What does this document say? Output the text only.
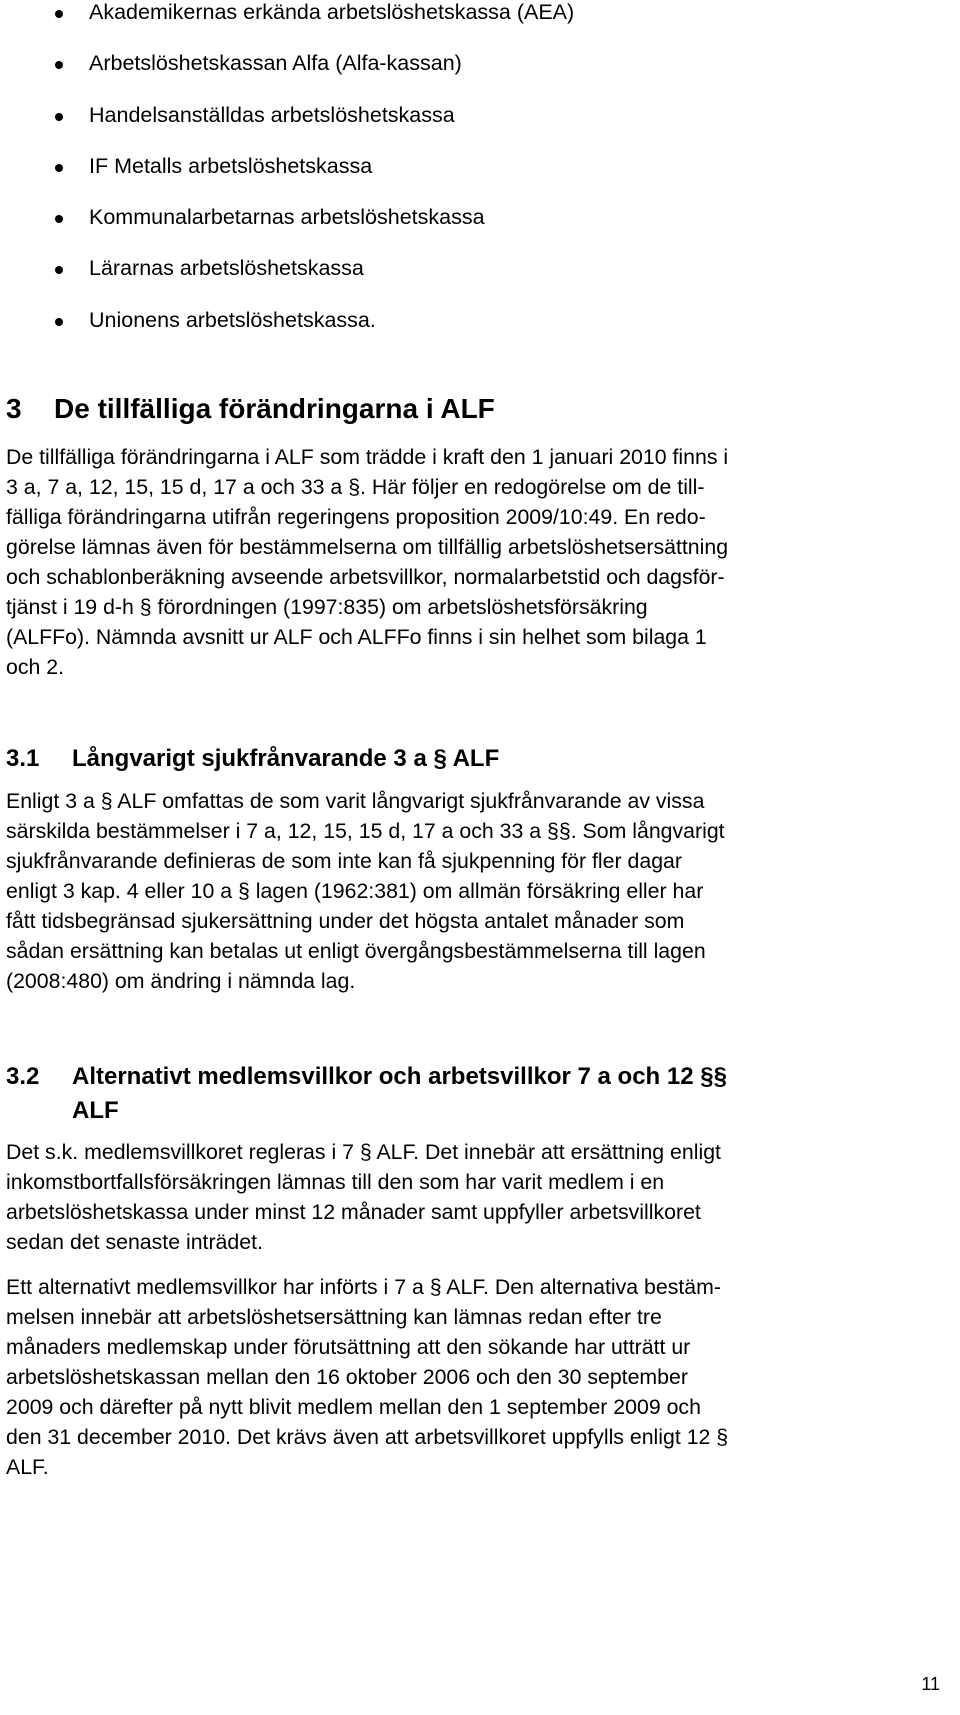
Akademikernas erkända arbetslöshetskassa (AEA)
Arbetslöshetskassan Alfa (Alfa-kassan)
Handelsanställdas arbetslöshetskassa
IF Metalls arbetslöshetskassa
Kommunalarbetarnas arbetslöshetskassa
Lärarnas arbetslöshetskassa
Unionens arbetslöshetskassa.
3 De tillfälliga förändringarna i ALF

De tillfälliga förändringarna i ALF som trädde i kraft den 1 januari 2010 finns i
3 a, 7 a, 12, 15, 15 d, 17 a och 33 a §. Här följer en redogörelse om de till-
fälliga förändringarna utifrån regeringens proposition 2009/10:49. En redo-
görelse lämnas även för bestämmelserna om tillfällig arbetslöshetsersättning
och schablonberäkning avseende arbetsvillkor, normalarbetstid och dagsför-
tjänst i 19 d-h § förordningen (1997:835) om arbetslöshetsförsäkring
(ALFFo). Nämnda avsnitt ur ALF och ALFFo finns i sin helhet som bilaga 1
och 2.

3.1 Långvarigt sjukfrånvarande 3 a § ALF

Enligt 3 a § ALF omfattas de som varit långvarigt sjukfrånvarande av vissa
särskilda bestämmelser i 7 a, 12, 15, 15 d, 17 a och 33 a §§. Som långvarigt
sjukfrånvarande definieras de som inte kan få sjukpenning för fler dagar
enligt 3 kap. 4 eller 10 a § lagen (1962:381) om allmän försäkring eller har
fått tidsbegränsad sjukersättning under det högsta antalet månader som
sådan ersättning kan betalas ut enligt övergångsbestämmelserna till lagen
(2008:480) om ändring i nämnda lag.

3.2 Alternativt medlemsvillkor och arbetsvillkor 7 a och 12 §§
ALF

Det s.k. medlemsvillkoret regleras i 7 § ALF. Det innebär att ersättning enligt
inkomstbortfallsförsäkringen lämnas till den som har varit medlem i en
arbetslöshetskassa under minst 12 månader samt uppfyller arbetsvillkoret
sedan det senaste inträdet.

Ett alternativt medlemsvillkor har införts i 7 a § ALF. Den alternativa bestäm-
melsen innebär att arbetslöshetsersättning kan lämnas redan efter tre
månaders medlemskap under förutsättning att den sökande har utträtt ur
arbetslöshetskassan mellan den 16 oktober 2006 och den 30 september
2009 och därefter på nytt blivit medlem mellan den 1 september 2009 och
den 31 december 2010. Det krävs även att arbetsvillkoret uppfylls enligt 12 §
ALF.

11
